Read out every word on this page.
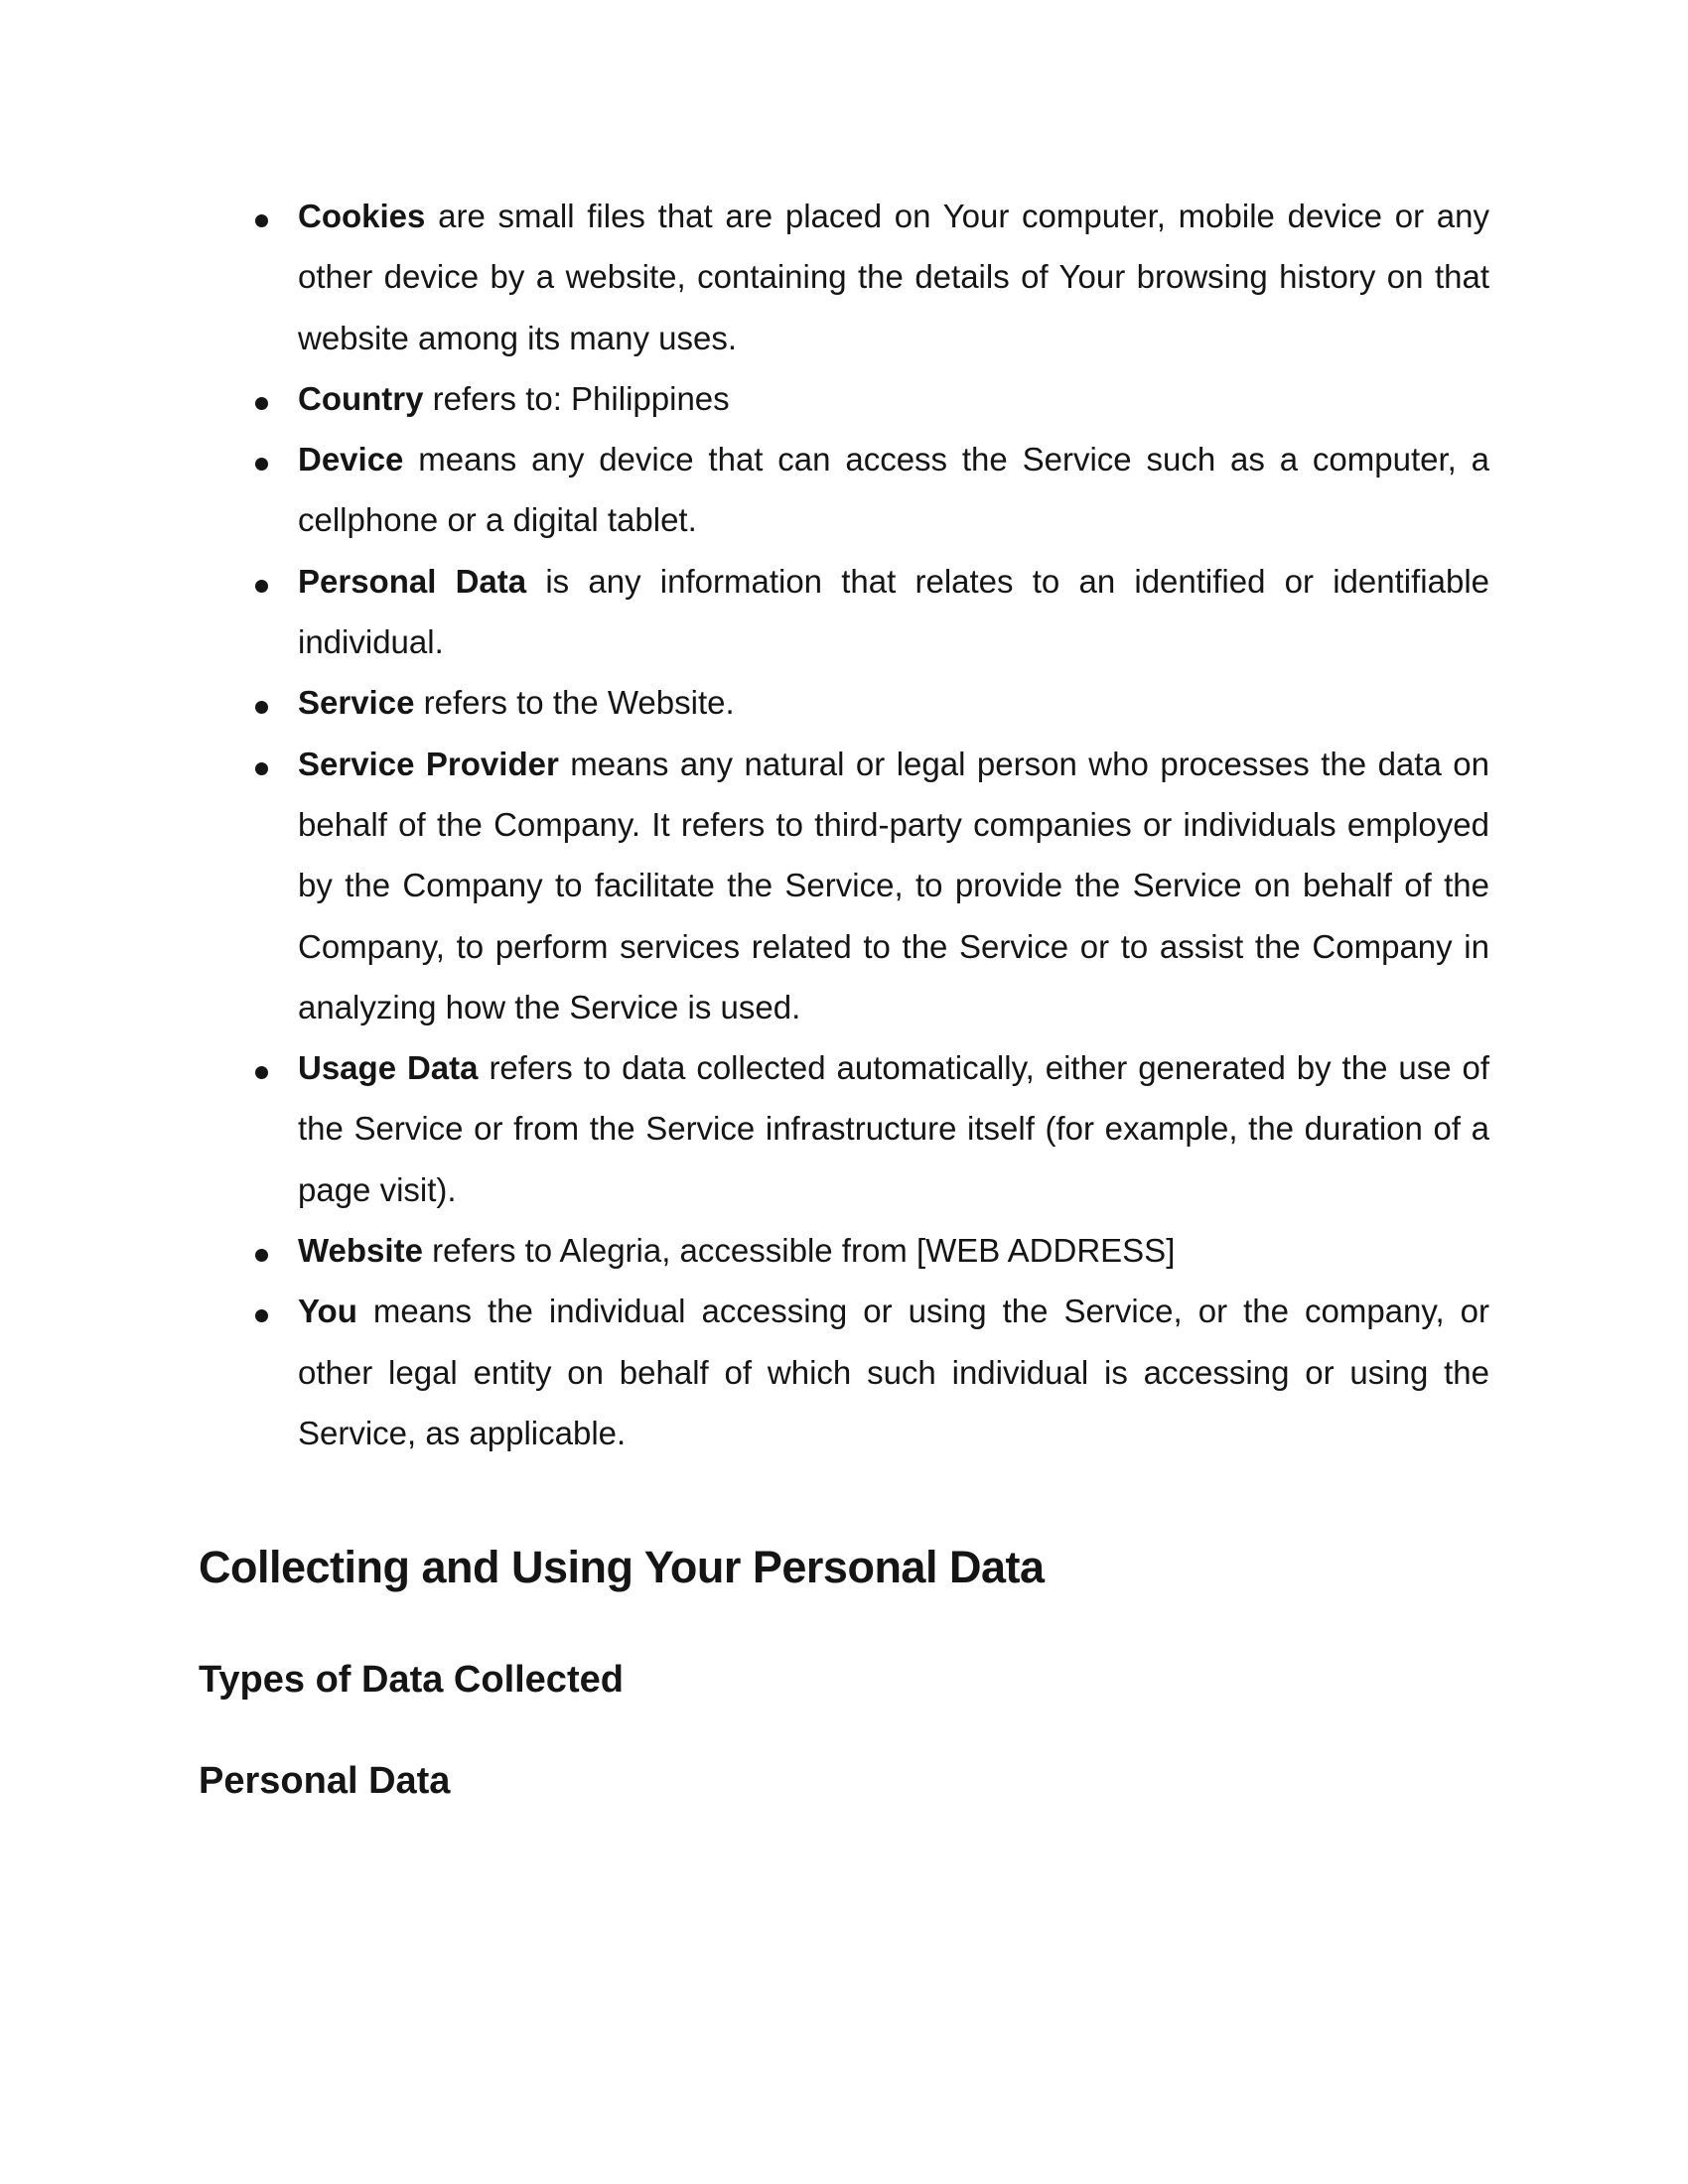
Cookies are small files that are placed on Your computer, mobile device or any other device by a website, containing the details of Your browsing history on that website among its many uses.
Country refers to: Philippines
Device means any device that can access the Service such as a computer, a cellphone or a digital tablet.
Personal Data is any information that relates to an identified or identifiable individual.
Service refers to the Website.
Service Provider means any natural or legal person who processes the data on behalf of the Company. It refers to third-party companies or individuals employed by the Company to facilitate the Service, to provide the Service on behalf of the Company, to perform services related to the Service or to assist the Company in analyzing how the Service is used.
Usage Data refers to data collected automatically, either generated by the use of the Service or from the Service infrastructure itself (for example, the duration of a page visit).
Website refers to Alegria, accessible from [WEB ADDRESS]
You means the individual accessing or using the Service, or the company, or other legal entity on behalf of which such individual is accessing or using the Service, as applicable.
Collecting and Using Your Personal Data
Types of Data Collected
Personal Data
